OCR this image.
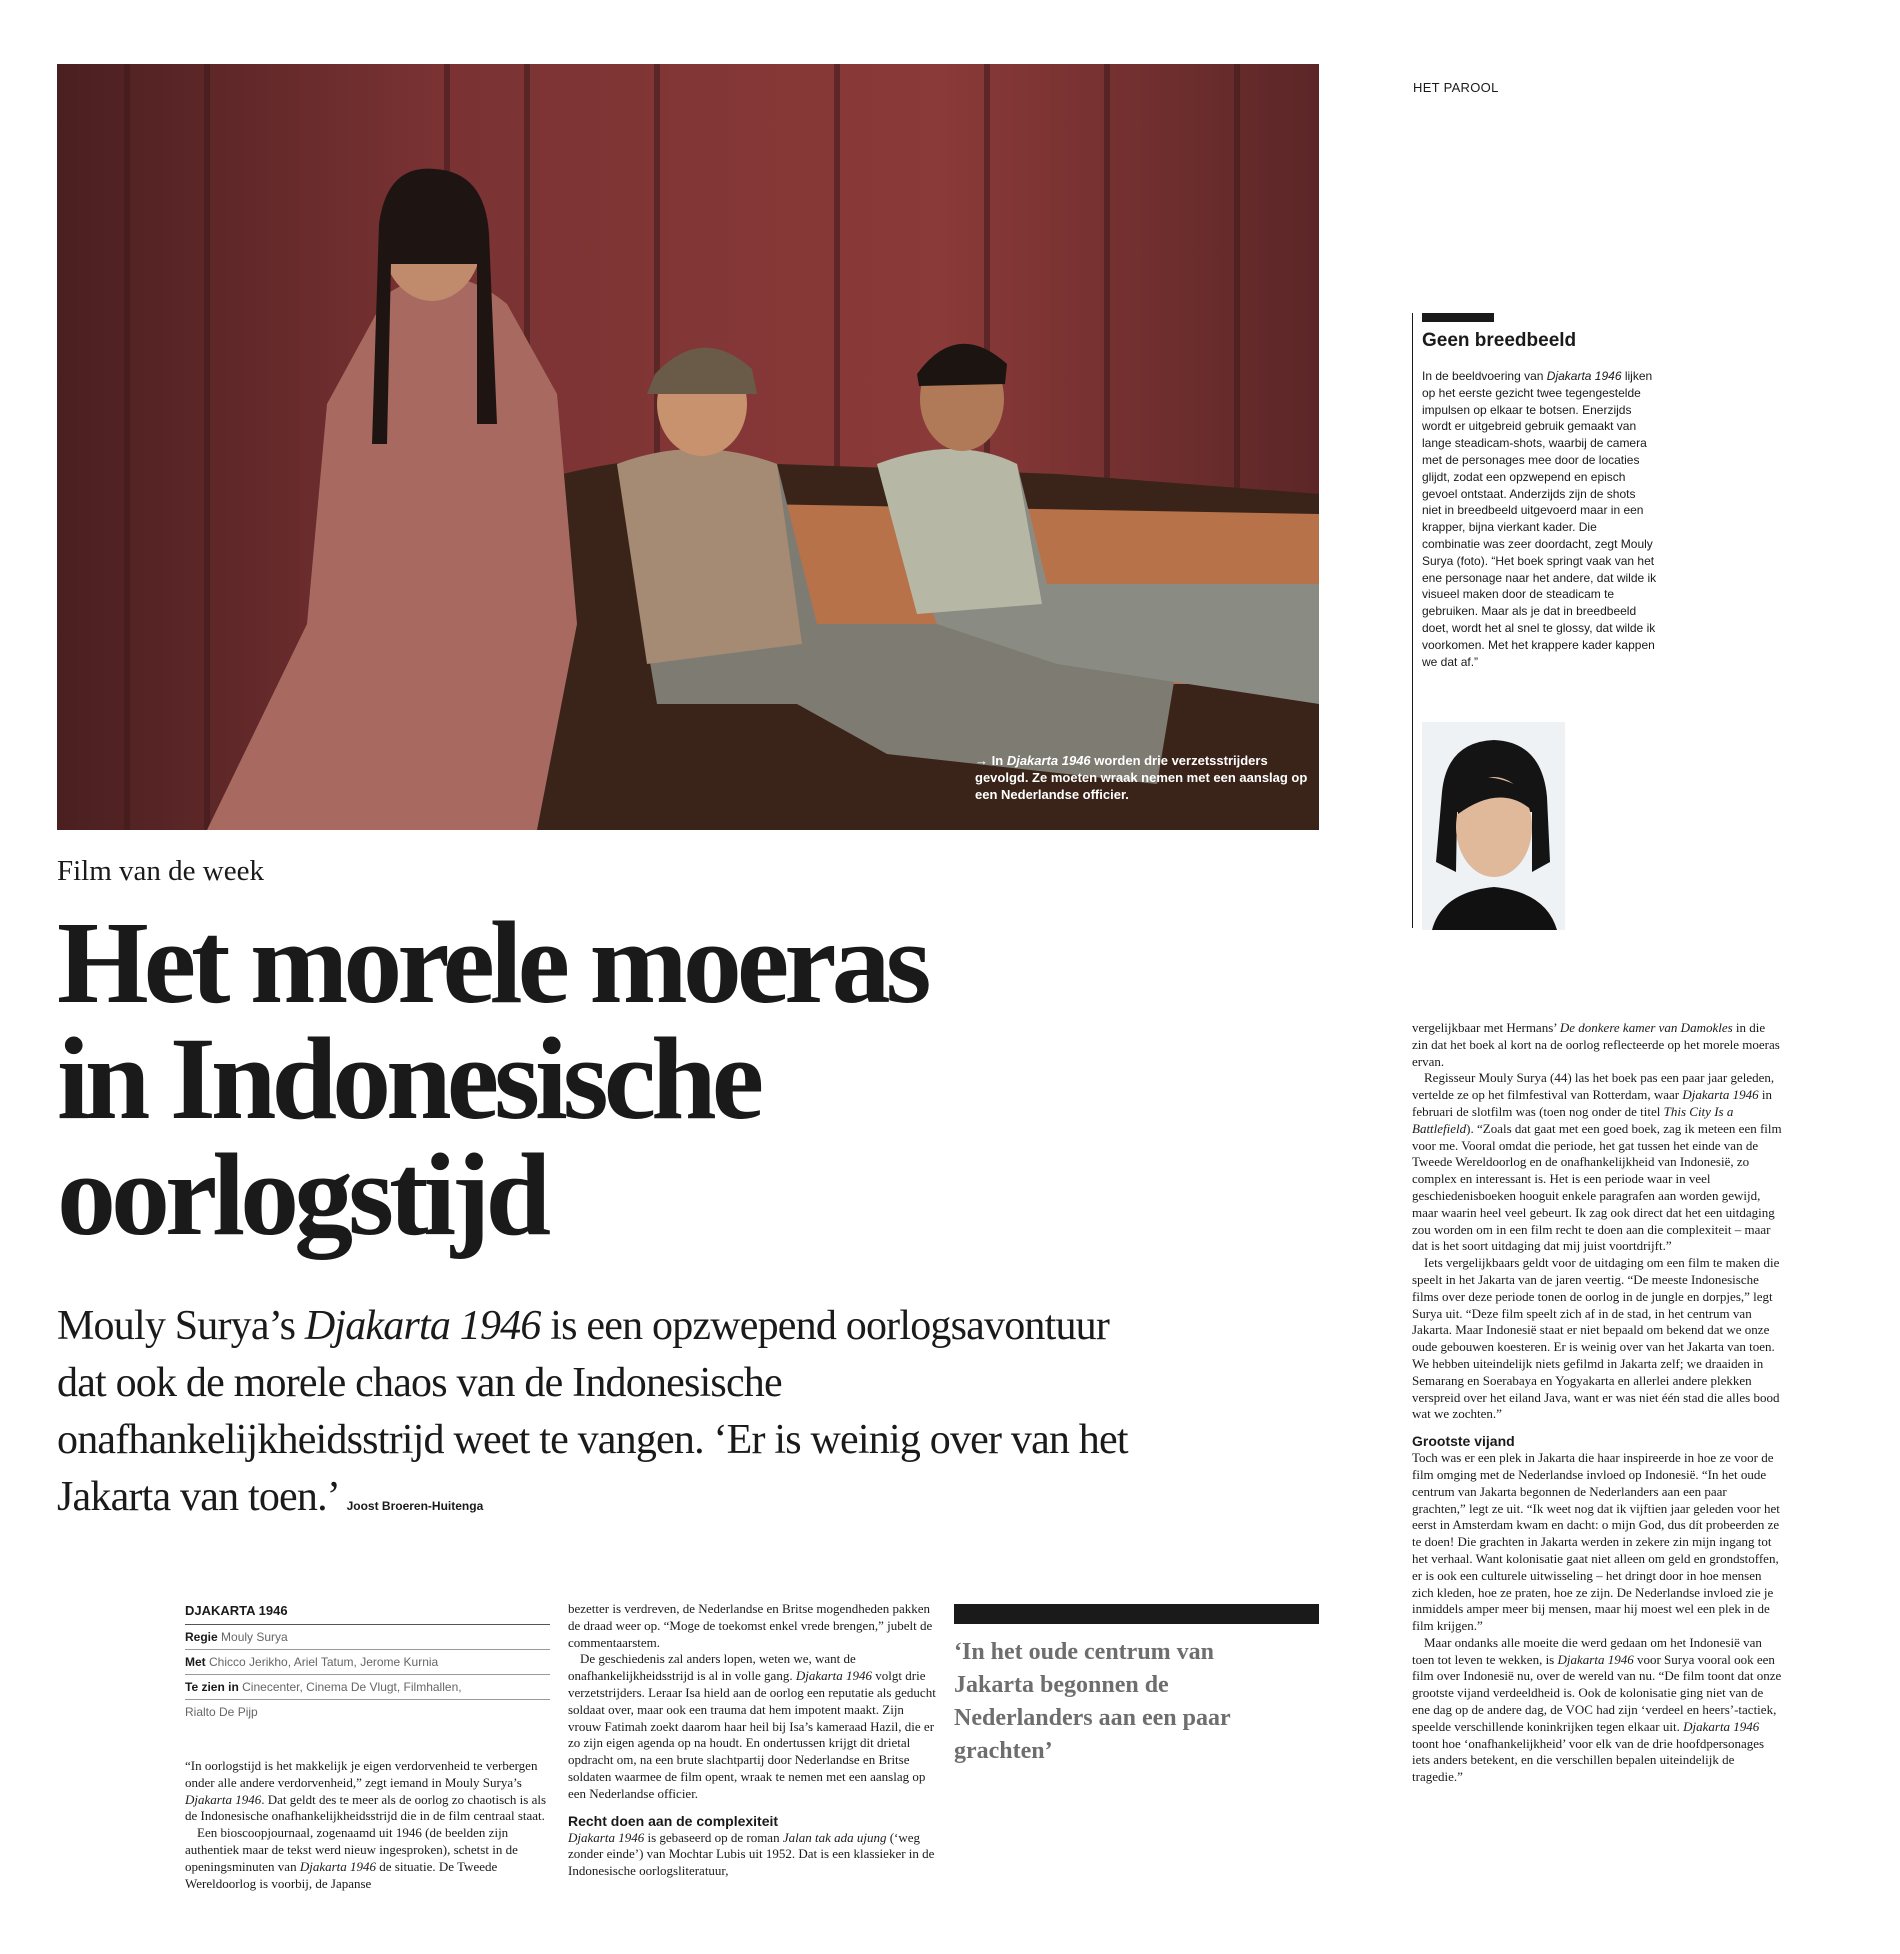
→ In Djakarta 1946 worden drie verzetsstrijders gevolgd. Ze moeten wraak nemen met een aanslag op een Nederlandse officier.
HET PAROOL
Geen breedbeeld
In de beeldvoering van Djakarta 1946 lijken op het eerste gezicht twee tegengestelde impulsen op elkaar te botsen. Enerzijds wordt er uitgebreid gebruik gemaakt van lange steadicam-shots, waarbij de camera met de personages mee door de locaties glijdt, zodat een opzwepend en episch gevoel ontstaat. Anderzijds zijn de shots niet in breedbeeld uitgevoerd maar in een krapper, bijna vierkant kader. Die combinatie was zeer doordacht, zegt Mouly Surya (foto). “Het boek springt vaak van het ene personage naar het andere, dat wilde ik visueel maken door de steadicam te gebruiken. Maar als je dat in breedbeeld doet, wordt het al snel te glossy, dat wilde ik voorkomen. Met het krappere kader kappen we dat af.”
Film van de week
Het morele moeras
in Indonesische
oorlogstijd
Mouly Surya’s Djakarta 1946 is een opzwepend oorlogsavontuur dat ook de morele chaos van de Indonesische onafhankelijkheidsstrijd weet te vangen. ‘Er is weinig over van het Jakarta van toen.’ Joost Broeren-Huitenga
DJAKARTA 1946
Regie Mouly Surya
Met Chicco Jerikho, Ariel Tatum, Jerome Kurnia
Te zien in Cinecenter, Cinema De Vlugt, Filmhallen,
Rialto De Pijp

“In oorlogstijd is het makkelijk je eigen verdorvenheid te verbergen onder alle andere verdorvenheid,” zegt iemand in Mouly Surya’s Djakarta 1946. Dat geldt des te meer als de oorlog zo chaotisch is als de Indonesische onafhankelijkheidsstrijd die in de film centraal staat.

Een bioscoopjournaal, zogenaamd uit 1946 (de beelden zijn authentiek maar de tekst werd nieuw ingesproken), schetst in de openingsminuten van Djakarta 1946 de situatie. De Tweede Wereldoorlog is voorbij, de Japanse

bezetter is verdreven, de Nederlandse en Britse mogendheden pakken de draad weer op. “Moge de toekomst enkel vrede brengen,” jubelt de commentaarstem.

De geschiedenis zal anders lopen, weten we, want de onafhankelijkheidsstrijd is al in volle gang. Djakarta 1946 volgt drie verzetstrijders. Leraar Isa hield aan de oorlog een reputatie als geducht soldaat over, maar ook een trauma dat hem impotent maakt. Zijn vrouw Fatimah zoekt daarom haar heil bij Isa’s kameraad Hazil, die er zo zijn eigen agenda op na houdt. En ondertussen krijgt dit drietal opdracht om, na een brute slachtpartij door Nederlandse en Britse soldaten waarmee de film opent, wraak te nemen met een aanslag op een Nederlandse officier.

Recht doen aan de complexiteit

Djakarta 1946 is gebaseerd op de roman Jalan tak ada ujung (‘weg zonder einde’) van Mochtar Lubis uit 1952. Dat is een klassieker in de Indonesische oorlogsliteratuur,

‘In het oude centrum van Jakarta begonnen de Nederlanders aan een paar grachten’

vergelijkbaar met Hermans’ De donkere kamer van Damokles in die zin dat het boek al kort na de oorlog reflecteerde op het morele moeras ervan.

Regisseur Mouly Surya (44) las het boek pas een paar jaar geleden, vertelde ze op het filmfestival van Rotterdam, waar Djakarta 1946 in februari de slotfilm was (toen nog onder de titel This City Is a Battlefield). “Zoals dat gaat met een goed boek, zag ik meteen een film voor me. Vooral omdat die periode, het gat tussen het einde van de Tweede Wereldoorlog en de onafhankelijkheid van Indonesië, zo complex en interessant is. Het is een periode waar in veel geschiedenisboeken hooguit enkele paragrafen aan worden gewijd, maar waarin heel veel gebeurt. Ik zag ook direct dat het een uitdaging zou worden om in een film recht te doen aan die complexiteit – maar dat is het soort uitdaging dat mij juist voortdrijft.”

Iets vergelijkbaars geldt voor de uitdaging om een film te maken die speelt in het Jakarta van de jaren veertig. “De meeste Indonesische films over deze periode tonen de oorlog in de jungle en dorpjes,” legt Surya uit. “Deze film speelt zich af in de stad, in het centrum van Jakarta. Maar Indonesië staat er niet bepaald om bekend dat we onze oude gebouwen koesteren. Er is weinig over van het Jakarta van toen. We hebben uiteindelijk niets gefilmd in Jakarta zelf; we draaiden in Semarang en Soerabaya en Yogyakarta en allerlei andere plekken verspreid over het eiland Java, want er was niet één stad die alles bood wat we zochten.”

Grootste vijand

Toch was er een plek in Jakarta die haar inspireerde in hoe ze voor de film omging met de Nederlandse invloed op Indonesië. “In het oude centrum van Jakarta begonnen de Nederlanders aan een paar grachten,” legt ze uit. “Ik weet nog dat ik vijftien jaar geleden voor het eerst in Amsterdam kwam en dacht: o mijn God, dus dít probeerden ze te doen! Die grachten in Jakarta werden in zekere zin mijn ingang tot het verhaal. Want kolonisatie gaat niet alleen om geld en grondstoffen, er is ook een culturele uitwisseling – het dringt door in hoe mensen zich kleden, hoe ze praten, hoe ze zijn. De Nederlandse invloed zie je inmiddels amper meer bij mensen, maar hij moest wel een plek in de film krijgen.”

Maar ondanks alle moeite die werd gedaan om het Indonesië van toen tot leven te wekken, is Djakarta 1946 voor Surya vooral ook een film over Indonesië nu, over de wereld van nu. “De film toont dat onze grootste vijand verdeeldheid is. Ook de kolonisatie ging niet van de ene dag op de andere dag, de VOC had zijn ‘verdeel en heers’-tactiek, speelde verschillende koninkrijken tegen elkaar uit. Djakarta 1946 toont hoe ‘onafhankelijkheid’ voor elk van de drie hoofdpersonages iets anders betekent, en die verschillen bepalen uiteindelijk de tragedie.”
